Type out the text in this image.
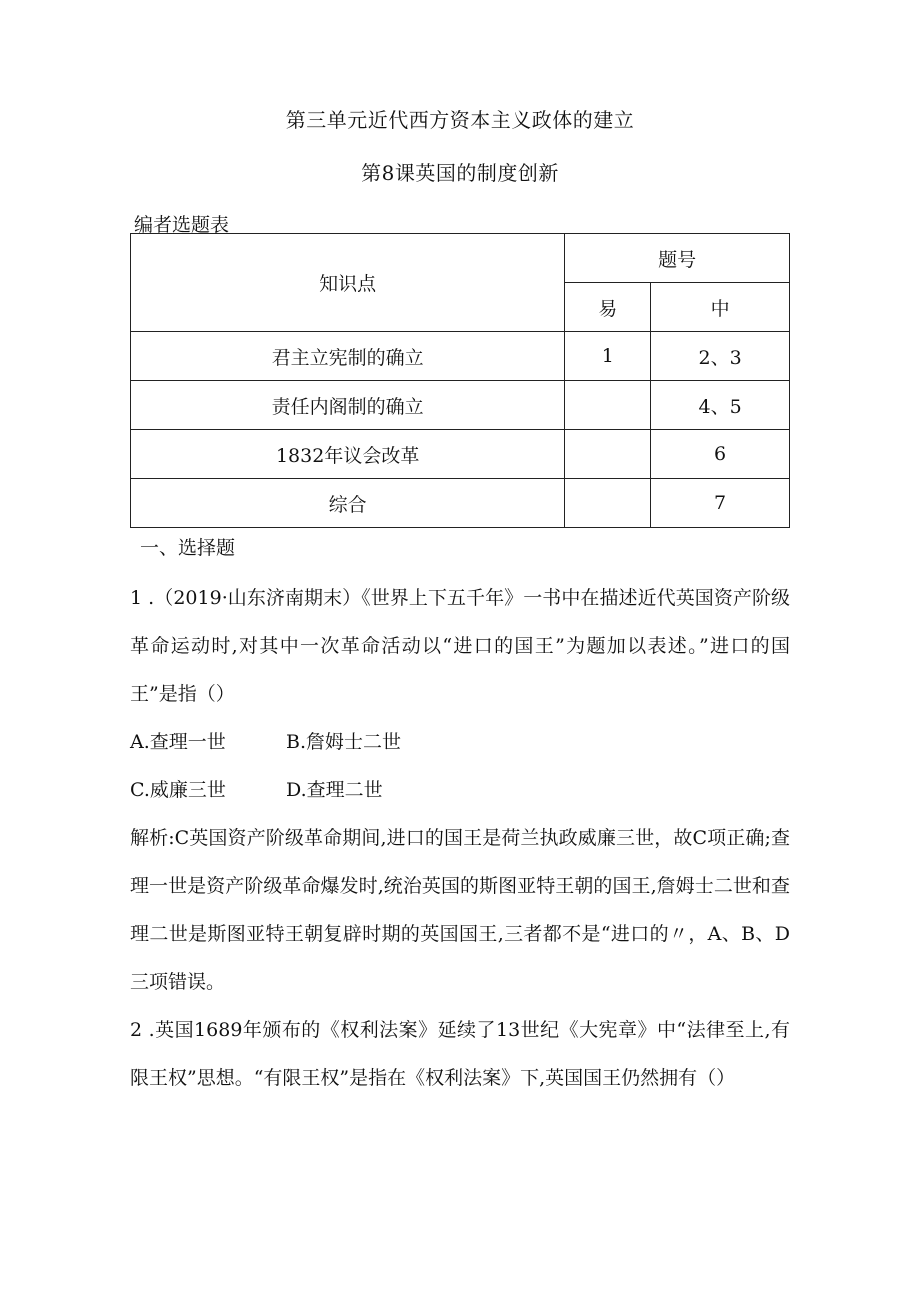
第三单元近代西方资本主义政体的建立
第8课英国的制度创新
编者选题表
知识点	题号	
	易	中
君主立宪制的确立	1	2、3
责任内阁制的确立		4、5
1832年议会改革		6
综合		7
一、选择题
1 .（2019·山东济南期末）《世界上下五千年》一书中在描述近代英国资产阶级革命运动时,对其中一次革命活动以“进口的国王”为题加以表述。”进口的国王”是指（）
A.查理一世	B.詹姆士二世
C.威廉三世	D.查理二世
解析:C英国资产阶级革命期间,进口的国王是荷兰执政威廉三世，故C项正确;查理一世是资产阶级革命爆发时,统治英国的斯图亚特王朝的国王,詹姆士二世和查理二世是斯图亚特王朝复辟时期的英国国王,三者都不是“进口的〃，A、B、D三项错误。
2 .英国1689年颁布的《权利法案》延续了13世纪《大宪章》中“法律至上,有限王权”思想。“有限王权”是指在《权利法案》下,英国国王仍然拥有（）
